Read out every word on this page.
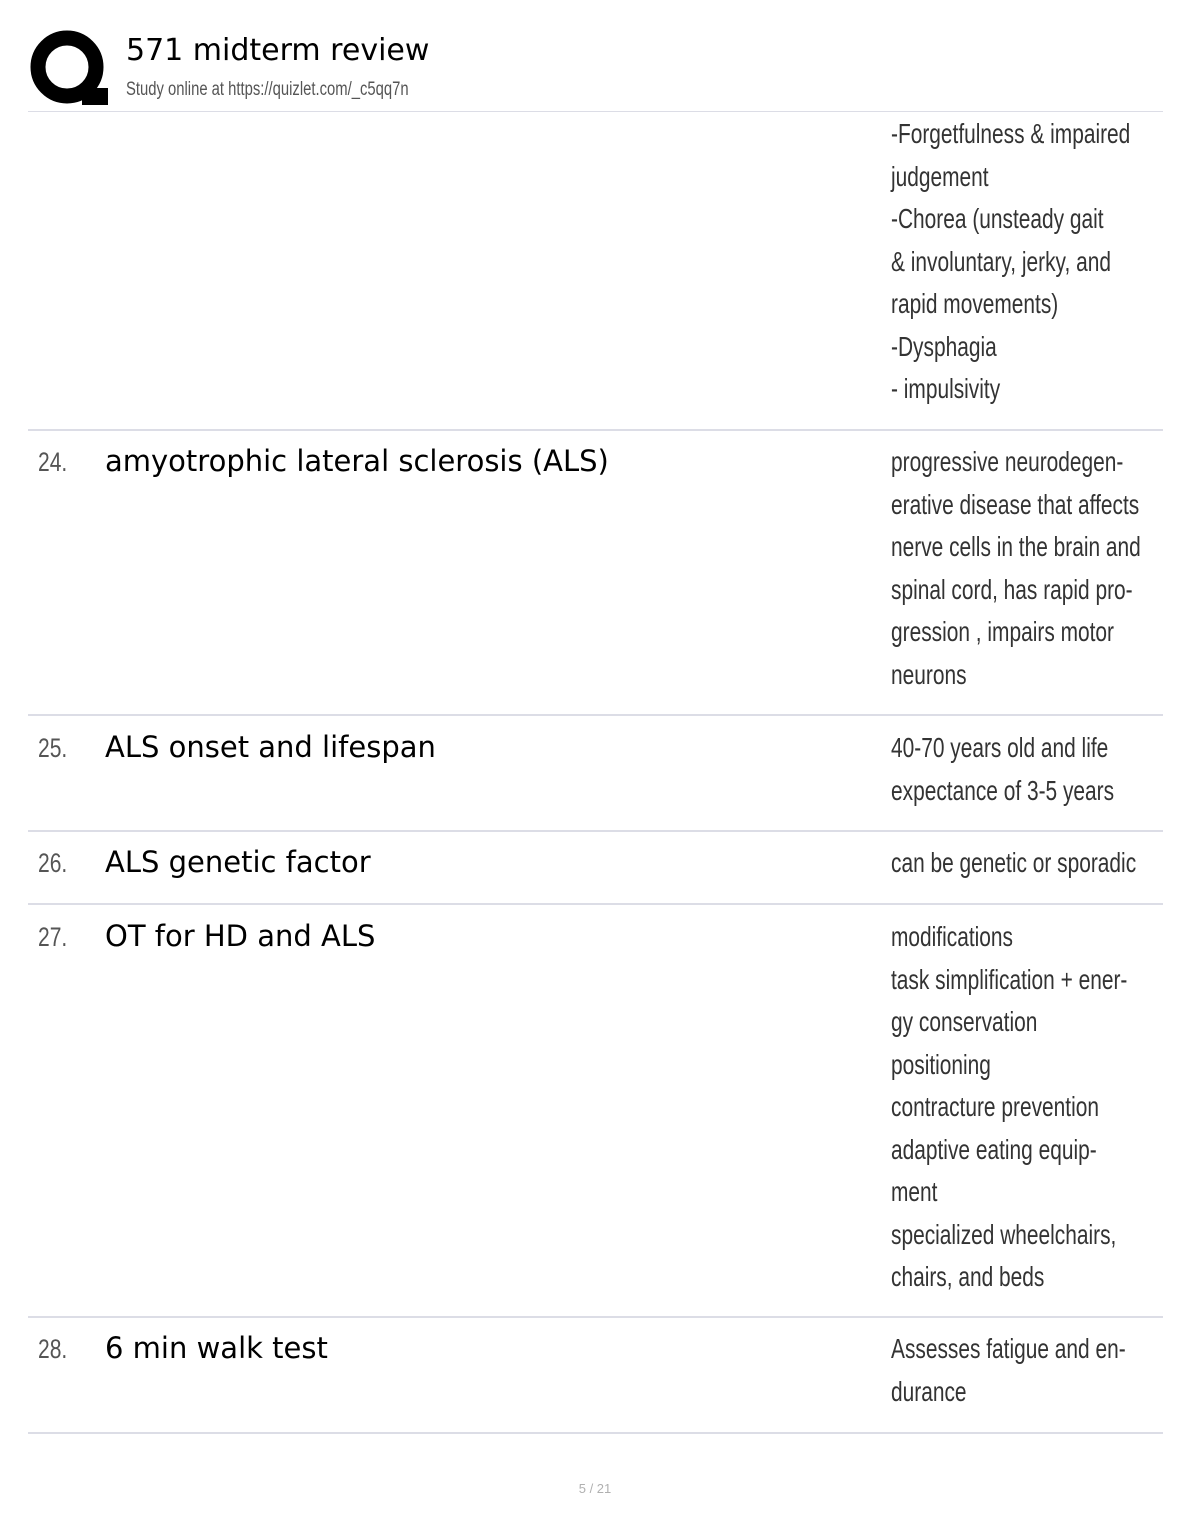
571 midterm review
Study online at https://quizlet.com/_c5qq7n
-Forgetfulness & impaired
judgement
-Chorea (unsteady gait
& involuntary, jerky, and
rapid movements)
-Dysphagia
- impulsivity
24. amyotrophic lateral sclerosis (ALS)	progressive neurodegen-
erative disease that affects
nerve cells in the brain and
spinal cord, has rapid pro-
gression , impairs motor
neurons
25. ALS onset and lifespan	40-70 years old and life
expectance of 3-5 years
26. ALS genetic factor	can be genetic or sporadic
27. OT for HD and ALS	modifications
task simplification + ener-
gy conservation
positioning
contracture prevention
adaptive eating equip-
ment
specialized wheelchairs,
chairs, and beds
28. 6 min walk test	Assesses fatigue and en-
durance
5 / 21
